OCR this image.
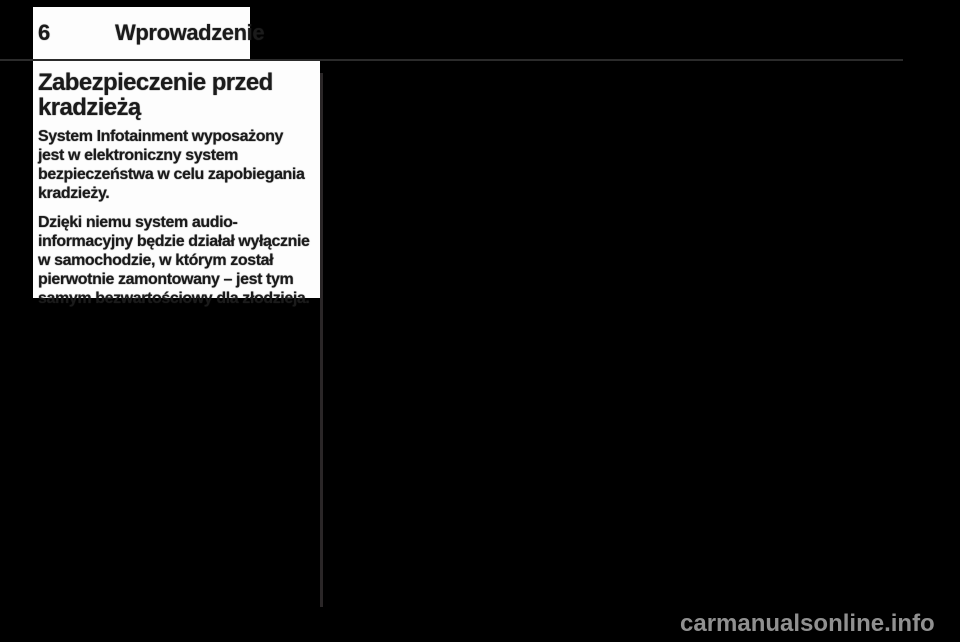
6	Wprowadzenie
Zabezpieczenie przed
kradzieżą
System Infotainment wyposażony
jest w elektroniczny system
bezpieczeństwa w celu zapobiegania
kradzieży.
Dzięki niemu system audio-
informacyjny będzie działał wyłącznie
w samochodzie, w którym został
pierwotnie zamontowany – jest tym
samym bezwartościowy dla złodzieja.
carmanualsonline.info
